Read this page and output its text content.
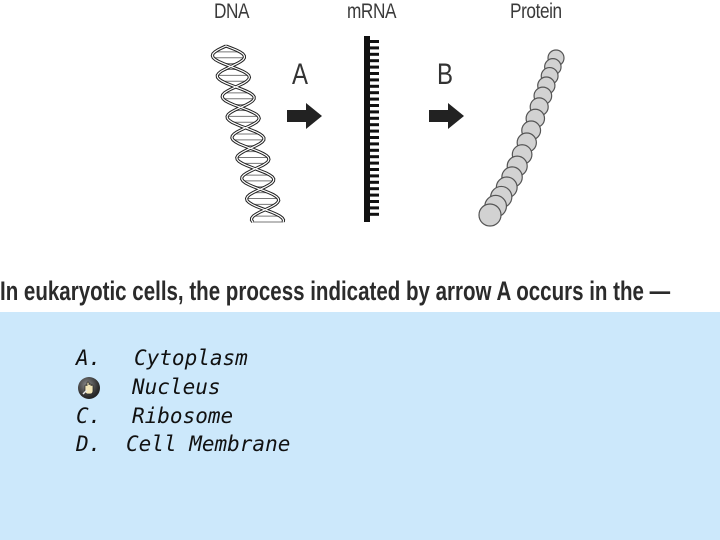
DNA	mRNA	Protein
A	B

In eukaryotic cells, the process indicated by arrow A occurs in the —

A. Cytoplasm
Nucleus
C. Ribosome
D. Cell Membrane
